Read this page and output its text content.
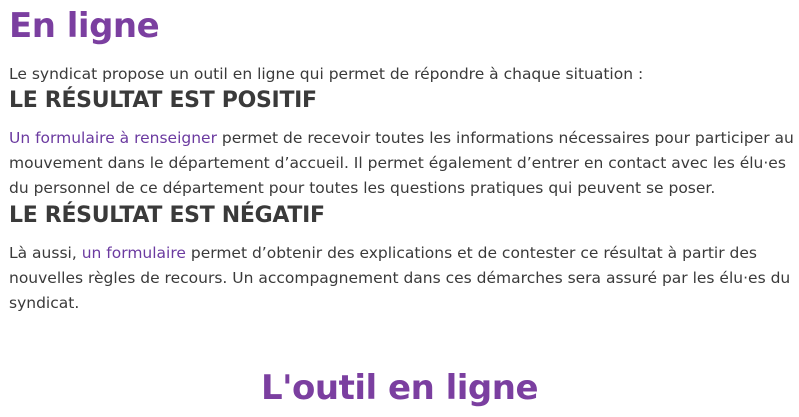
En ligne

Le syndicat propose un outil en ligne qui permet de répondre à chaque situation :

LE RÉSULTAT EST POSITIF

Un formulaire à renseigner permet de recevoir toutes les informations nécessaires pour participer au mouvement dans le département d’accueil. Il permet également d’entrer en contact avec les élu·es du personnel de ce département pour toutes les questions pratiques qui peuvent se poser.

LE RÉSULTAT EST NÉGATIF

Là aussi, un formulaire permet d’obtenir des explications et de contester ce résultat à partir des nouvelles règles de recours. Un accompagnement dans ces démarches sera assuré par les élu·es du syndicat.

L'outil en ligne
